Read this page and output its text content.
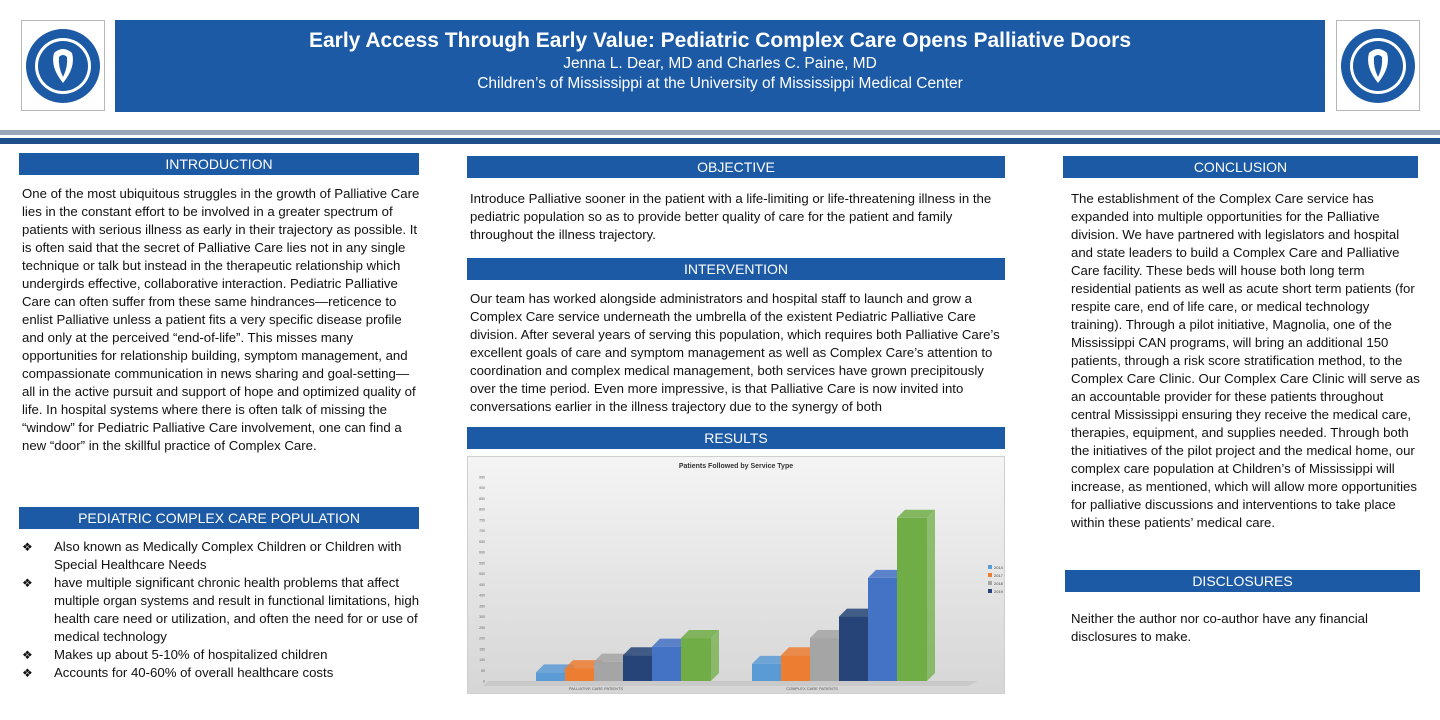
Early Access Through Early Value: Pediatric Complex Care Opens Palliative Doors
Jenna L. Dear, MD and Charles C. Paine, MD
Children’s of Mississippi at the University of Mississippi Medical Center
INTRODUCTION
One of the most ubiquitous struggles in the growth of Palliative Care lies in the constant effort to be involved in a greater spectrum of patients with serious illness as early in their trajectory as possible. It is often said that the secret of Palliative Care lies not in any single technique or talk but instead in the therapeutic relationship which undergirds effective, collaborative interaction. Pediatric Palliative Care can often suffer from these same hindrances—reticence to enlist Palliative unless a patient fits a very specific disease profile and only at the perceived “end-of-life”. This misses many opportunities for relationship building, symptom management, and compassionate communication in news sharing and goal-setting—all in the active pursuit and support of hope and optimized quality of life. In hospital systems where there is often talk of missing the “window” for Pediatric Palliative Care involvement, one can find a new “door” in the skillful practice of Complex Care.
PEDIATRIC COMPLEX CARE POPULATION
❖ Also known as Medically Complex Children or Children with Special Healthcare Needs
❖ have multiple significant chronic health problems that affect multiple organ systems and result in functional limitations, high health care need or utilization, and often the need for or use of medical technology
❖ Makes up about 5-10% of hospitalized children
❖ Accounts for 40-60% of overall healthcare costs
OBJECTIVE
Introduce Palliative sooner in the patient with a life-limiting or life-threatening illness in the pediatric population so as to provide better quality of care for the patient and family throughout the illness trajectory.
INTERVENTION
Our team has worked alongside administrators and hospital staff to launch and grow a Complex Care service underneath the umbrella of the existent Pediatric Palliative Care division. After several years of serving this population, which requires both Palliative Care’s excellent goals of care and symptom management as well as Complex Care’s attention to coordination and complex medical management, both services have grown precipitously over the time period. Even more impressive, is that Palliative Care is now invited into conversations earlier in the illness trajectory due to the synergy of both
RESULTS
Patients Followed by Service Type
0
50
100
150
200
250
300
350
400
450
500
550
600
650
700
750
800
850
900
950
PALLIATIVE CARE PATIENTS	COMPLEX CARE PATIENTS
2014
2017
2018
2019
CONCLUSION
The establishment of the Complex Care service has expanded into multiple opportunities for the Palliative division. We have partnered with legislators and hospital and state leaders to build a Complex Care and Palliative Care facility. These beds will house both long term residential patients as well as acute short term patients (for respite care, end of life care, or medical technology training). Through a pilot initiative, Magnolia, one of the Mississippi CAN programs, will bring an additional 150 patients, through a risk score stratification method, to the Complex Care Clinic. Our Complex Care Clinic will serve as an accountable provider for these patients throughout central Mississippi ensuring they receive the medical care, therapies, equipment, and supplies needed. Through both the initiatives of the pilot project and the medical home, our complex care population at Children’s of Mississippi will increase, as mentioned, which will allow more opportunities for palliative discussions and interventions to take place within these patients’ medical care.
DISCLOSURES
Neither the author nor co-author have any financial disclosures to make.
